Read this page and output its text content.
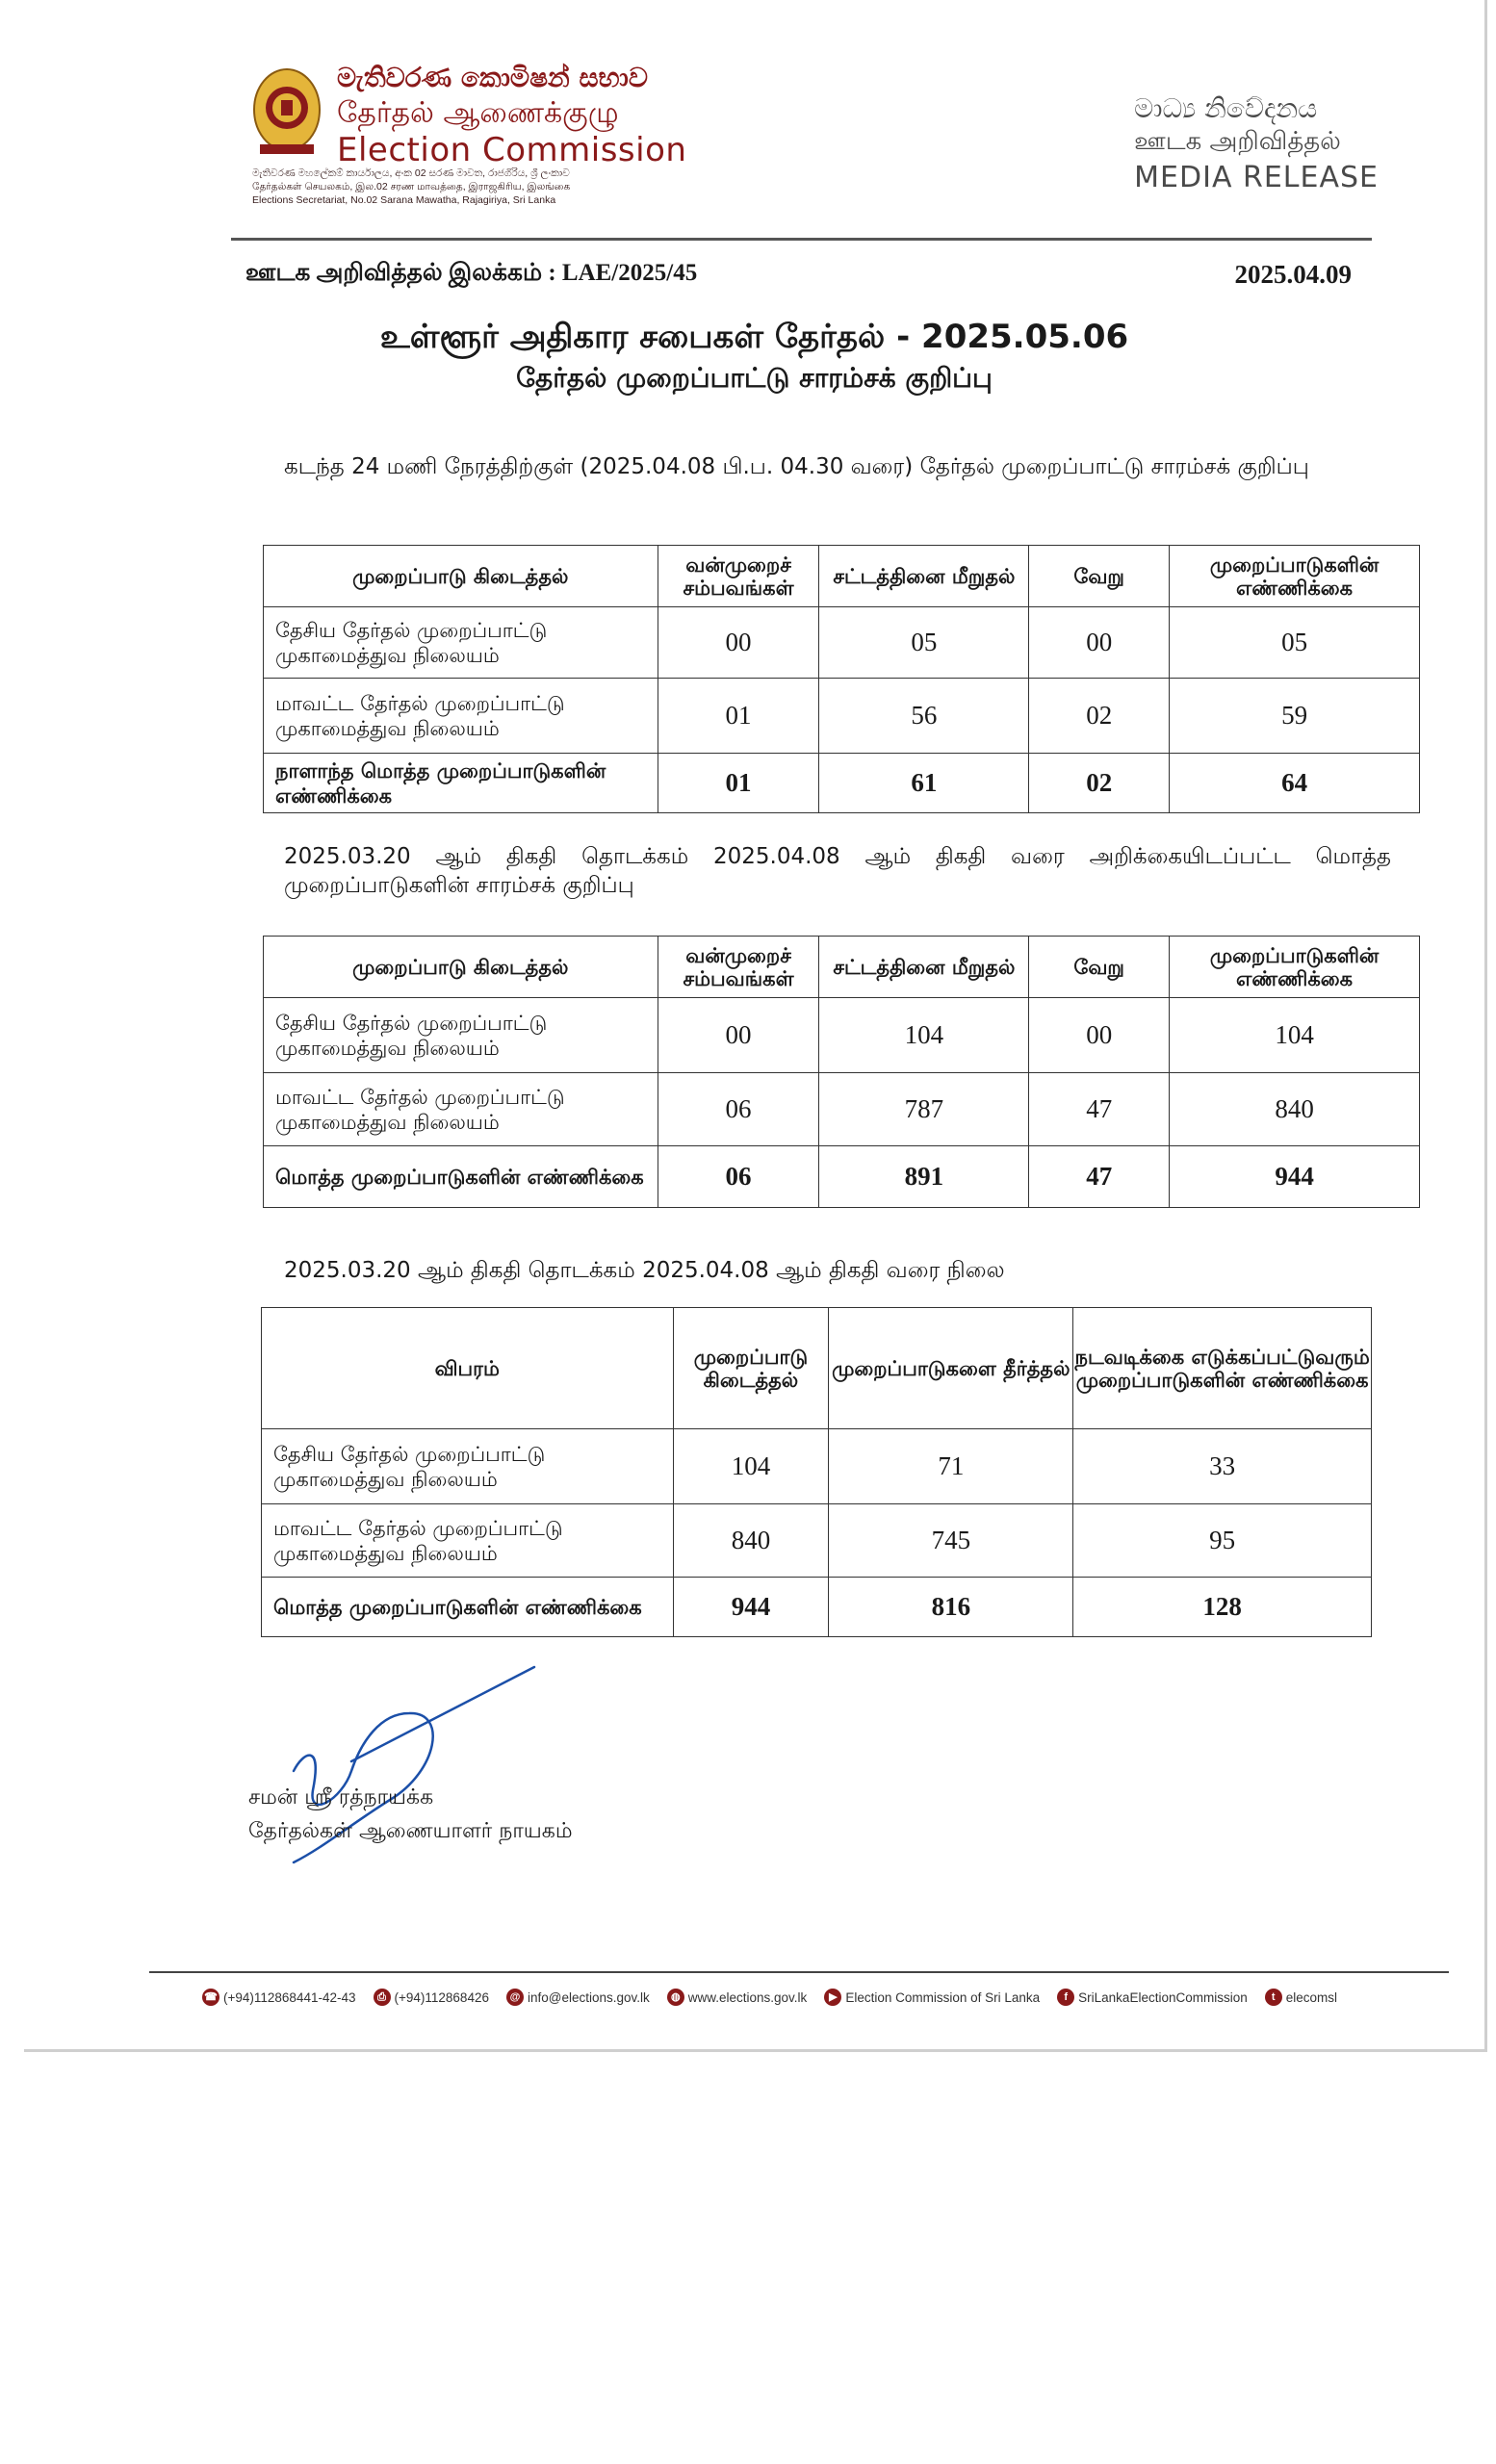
මැතිවරණ කොමිෂන් සභාව
தேர்தல் ஆணைக்குழு
Election Commission
මැතිවරණ මහලේකම් කාර්යාලය, අංක 02 සරණ මාවත, රාජගිරිය, ශ්‍රී ලංකාව
தேர்தல்கள் செயலகம், இல.02 சரண மாவத்தை, இராஜகிரிய, இலங்கை
Elections Secretariat, No.02 Sarana Mawatha, Rajagiriya, Sri Lanka
මාධ්‍ය නිවේදනය
ஊடக அறிவித்தல்
MEDIA RELEASE
ஊடக அறிவித்தல் இலக்கம் : LAE/2025/45	2025.04.09
உள்ளூர் அதிகார சபைகள் தேர்தல் - 2025.05.06
தேர்தல் முறைப்பாட்டு சாரம்சக் குறிப்பு
கடந்த 24 மணி நேரத்திற்குள் (2025.04.08 பி.ப. 04.30 வரை) தேர்தல் முறைப்பாட்டு சாரம்சக் குறிப்பு
முறைப்பாடு கிடைத்தல்	வன்முறைச் சம்பவங்கள்	சட்டத்தினை மீறுதல்	வேறு	முறைப்பாடுகளின் எண்ணிக்கை
தேசிய தேர்தல் முறைப்பாட்டு முகாமைத்துவ நிலையம்	00	05	00	05
மாவட்ட தேர்தல் முறைப்பாட்டு முகாமைத்துவ நிலையம்	01	56	02	59
நாளாந்த மொத்த முறைப்பாடுகளின் எண்ணிக்கை	01	61	02	64
2025.03.20 ஆம் திகதி தொடக்கம் 2025.04.08 ஆம் திகதி வரை அறிக்கையிடப்பட்ட மொத்த முறைப்பாடுகளின் சாரம்சக் குறிப்பு
முறைப்பாடு கிடைத்தல்	வன்முறைச் சம்பவங்கள்	சட்டத்தினை மீறுதல்	வேறு	முறைப்பாடுகளின் எண்ணிக்கை
தேசிய தேர்தல் முறைப்பாட்டு முகாமைத்துவ நிலையம்	00	104	00	104
மாவட்ட தேர்தல் முறைப்பாட்டு முகாமைத்துவ நிலையம்	06	787	47	840
மொத்த முறைப்பாடுகளின் எண்ணிக்கை	06	891	47	944
2025.03.20 ஆம் திகதி தொடக்கம் 2025.04.08 ஆம் திகதி வரை நிலை
விபரம்	முறைப்பாடு கிடைத்தல்	முறைப்பாடுகளை தீர்த்தல்	நடவடிக்கை எடுக்கப்பட்டுவரும் முறைப்பாடுகளின் எண்ணிக்கை
தேசிய தேர்தல் முறைப்பாட்டு முகாமைத்துவ நிலையம்	104	71	33
மாவட்ட தேர்தல் முறைப்பாட்டு முகாமைத்துவ நிலையம்	840	745	95
மொத்த முறைப்பாடுகளின் எண்ணிக்கை	944	816	128
சமன் ஸ்ரீ ரத்நாயக்க
தேர்தல்கள் ஆணையாளர் நாயகம்
☎ (+94)112868441-42-43	⎙ (+94)112868426	@ info@elections.gov.lk	◍ www.elections.gov.lk	▶ Election Commission of Sri Lanka	f SriLankaElectionCommission	t elecomsl
